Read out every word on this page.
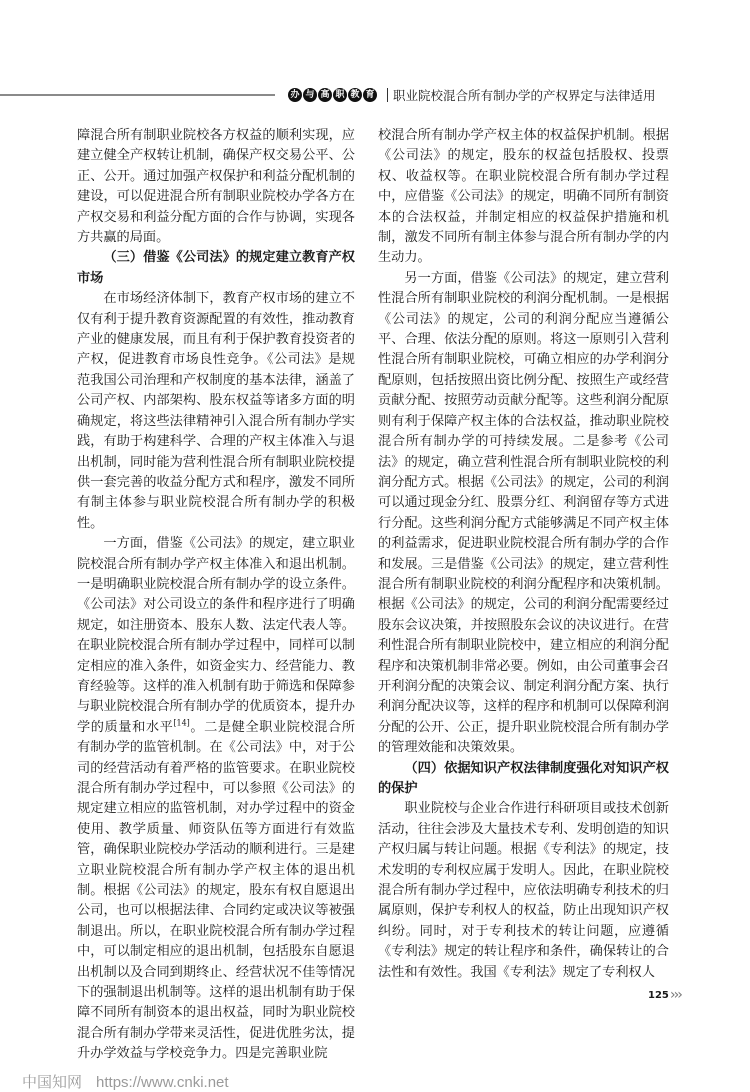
办 与 高 职 教 育 职业院校混合所有制办学的产权界定与法律适用

障混合所有制职业院校各方权益的顺利实现，应建立健全产权转让机制，确保产权交易公平、公正、公开。通过加强产权保护和利益分配机制的建设，可以促进混合所有制职业院校办学各方在产权交易和利益分配方面的合作与协调，实现各方共赢的局面。

（三）借鉴《公司法》的规定建立教育产权市场

在市场经济体制下，教育产权市场的建立不仅有利于提升教育资源配置的有效性，推动教育产业的健康发展，而且有利于保护教育投资者的产权，促进教育市场良性竞争。《公司法》是规范我国公司治理和产权制度的基本法律，涵盖了公司产权、内部架构、股东权益等诸多方面的明确规定，将这些法律精神引入混合所有制办学实践，有助于构建科学、合理的产权主体准入与退出机制，同时能为营利性混合所有制职业院校提供一套完善的收益分配方式和程序，激发不同所有制主体参与职业院校混合所有制办学的积极性。

一方面，借鉴《公司法》的规定，建立职业院校混合所有制办学产权主体准入和退出机制。一是明确职业院校混合所有制办学的设立条件。《公司法》对公司设立的条件和程序进行了明确规定，如注册资本、股东人数、法定代表人等。在职业院校混合所有制办学过程中，同样可以制定相应的准入条件，如资金实力、经营能力、教育经验等。这样的准入机制有助于筛选和保障参与职业院校混合所有制办学的优质资本，提升办学的质量和水平[14]。二是健全职业院校混合所有制办学的监管机制。在《公司法》中，对于公司的经营活动有着严格的监管要求。在职业院校混合所有制办学过程中，可以参照《公司法》的规定建立相应的监管机制，对办学过程中的资金使用、教学质量、师资队伍等方面进行有效监管，确保职业院校办学活动的顺利进行。三是建立职业院校混合所有制办学产权主体的退出机制。根据《公司法》的规定，股东有权自愿退出公司，也可以根据法律、合同约定或决议等被强制退出。所以，在职业院校混合所有制办学过程中，可以制定相应的退出机制，包括股东自愿退出机制以及合同到期终止、经营状况不佳等情况下的强制退出机制等。这样的退出机制有助于保障不同所有制资本的退出权益，同时为职业院校混合所有制办学带来灵活性，促进优胜劣汰，提升办学效益与学校竞争力。四是完善职业院

校混合所有制办学产权主体的权益保护机制。根据《公司法》的规定，股东的权益包括股权、投票权、收益权等。在职业院校混合所有制办学过程中，应借鉴《公司法》的规定，明确不同所有制资本的合法权益，并制定相应的权益保护措施和机制，激发不同所有制主体参与混合所有制办学的内生动力。

另一方面，借鉴《公司法》的规定，建立营利性混合所有制职业院校的利润分配机制。一是根据《公司法》的规定，公司的利润分配应当遵循公平、合理、依法分配的原则。将这一原则引入营利性混合所有制职业院校，可确立相应的办学利润分配原则，包括按照出资比例分配、按照生产或经营贡献分配、按照劳动贡献分配等。这些利润分配原则有利于保障产权主体的合法权益，推动职业院校混合所有制办学的可持续发展。二是参考《公司法》的规定，确立营利性混合所有制职业院校的利润分配方式。根据《公司法》的规定，公司的利润可以通过现金分红、股票分红、利润留存等方式进行分配。这些利润分配方式能够满足不同产权主体的利益需求，促进职业院校混合所有制办学的合作和发展。三是借鉴《公司法》的规定，建立营利性混合所有制职业院校的利润分配程序和决策机制。根据《公司法》的规定，公司的利润分配需要经过股东会议决策，并按照股东会议的决议进行。在营利性混合所有制职业院校中，建立相应的利润分配程序和决策机制非常必要。例如，由公司董事会召开利润分配的决策会议、制定利润分配方案、执行利润分配决议等，这样的程序和机制可以保障利润分配的公开、公正，提升职业院校混合所有制办学的管理效能和决策效果。

（四）依据知识产权法律制度强化对知识产权的保护

职业院校与企业合作进行科研项目或技术创新活动，往往会涉及大量技术专利、发明创造的知识产权归属与转让问题。根据《专利法》的规定，技术发明的专利权应属于发明人。因此，在职业院校混合所有制办学过程中，应依法明确专利技术的归属原则，保护专利权人的权益，防止出现知识产权纠纷。同时，对于专利技术的转让问题，应遵循《专利法》规定的转让程序和条件，确保转让的合法性和有效性。我国《专利法》规定了专利权人

125 ›››
中国知网 https://www.cnki.net
